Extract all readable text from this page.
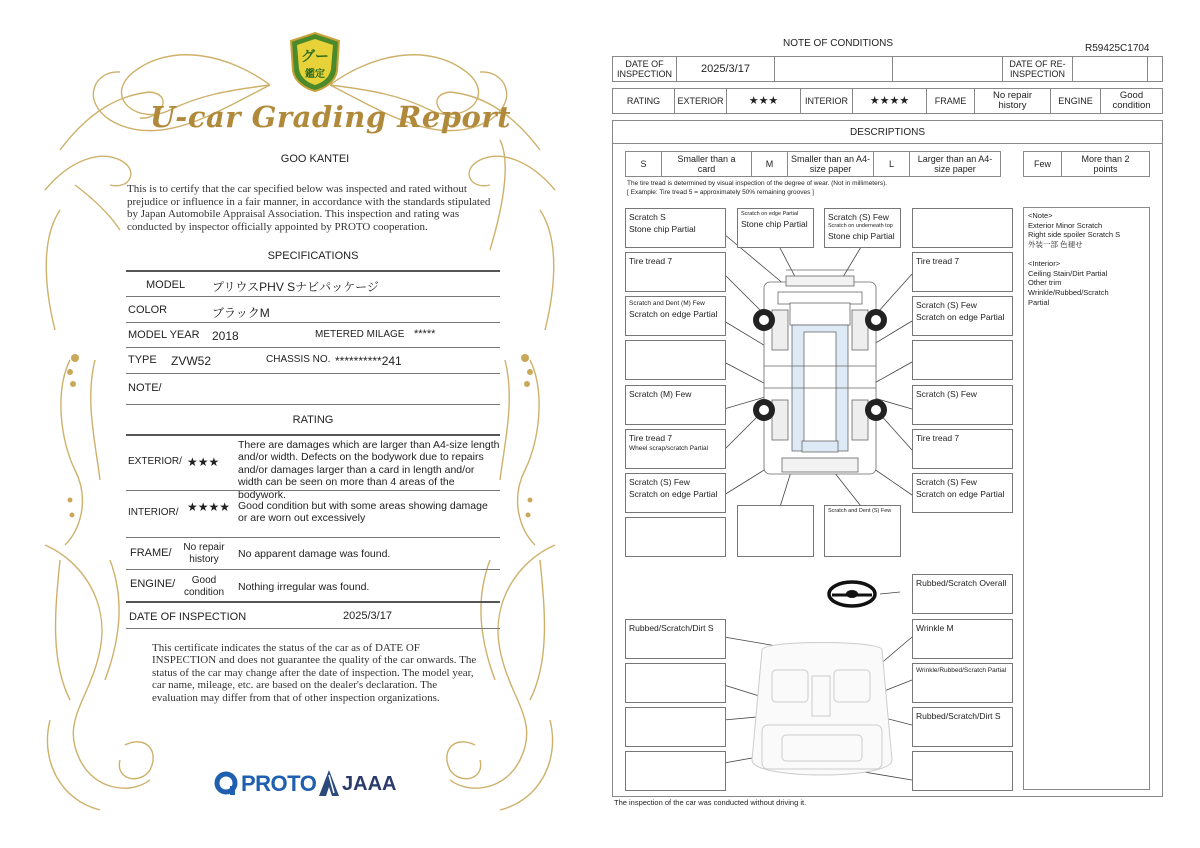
グー
鑑定
U-car Grading Report
GOO KANTEI
This is to certify that the car specified below was inspected and rated without prejudice or influence in a fair manner, in accordance with the standards stipulated by Japan Automobile Appraisal Association. This inspection and rating was conducted by inspector officially appointed by PROTO cooperation.
SPECIFICATIONS
MODEL プリウスPHV Sナビパッケージ
COLOR	ブラックM
MODEL YEAR 2018	METERED MILAGE *****
TYPE ZVW52	CHASSIS NO. **********241
NOTE/
RATING
EXTERIOR/ ★★★
There are damages which are larger than A4-size length and/or width. Defects on the bodywork due to repairs and/or damages larger than a card in length and/or width can be seen on more than 4 areas of the bodywork.
INTERIOR/ ★★★★ Good condition but with some areas showing damage or are worn out excessively
FRAME/	No repair history	No apparent damage was found.
ENGINE/	Good condition	Nothing irregular was found.
DATE OF INSPECTION	2025/3/17
This certificate indicates the status of the car as of DATE OF INSPECTION and does not guarantee the quality of the car onwards. The status of the car may change after the date of inspection. The model year, car name, mileage, etc. are based on the dealer's declaration. The evaluation may differ from that of other inspection organizations.
PROTO JAAA
NOTE OF CONDITIONS	R59425C1704
DATE OF INSPECTION	2025/3/17	DATE OF RE-INSPECTION
RATING	EXTERIOR	★★★	INTERIOR	★★★★	FRAME	No repair history	ENGINE	Good condition
DESCRIPTIONS
S	Smaller than a card	M	Smaller than an A4-size paper	L	Larger than an A4-size paper	Few	More than 2 points
The tire tread is determined by visual inspection of the degree of wear. (Not in millimeters).
[ Example: Tire tread 5 = approximately 50% remaining grooves ]
<Note>
Exterior Minor Scratch
Right side spoiler Scratch S
外装一部 色褪せ
<Interior>
Ceiling Stain/Dirt Partial
Other trim
Wrinkle/Rubbed/Scratch
Partial
Scratch S
Stone chip Partial
Scratch on edge Partial
Stone chip Partial
Scratch (S) Few
Scratch on underneath top
Stone chip Partial
Tire tread 7	Tire tread 7
Scratch and Dent (M) Few
Scratch on edge Partial
Scratch (S) Few
Scratch on edge Partial
Scratch (M) Few	Scratch (S) Few
Tire tread 7
Wheel scrap/scratch Partial
Tire tread 7
Scratch (S) Few
Scratch on edge Partial
Scratch (S) Few
Scratch on edge Partial
Scratch and Dent (S) Few
Rubbed/Scratch Overall
Rubbed/Scratch/Dirt S	Wrinkle M
Wrinkle/Rubbed/Scratch Partial
Rubbed/Scratch/Dirt S
The inspection of the car was conducted without driving it.
